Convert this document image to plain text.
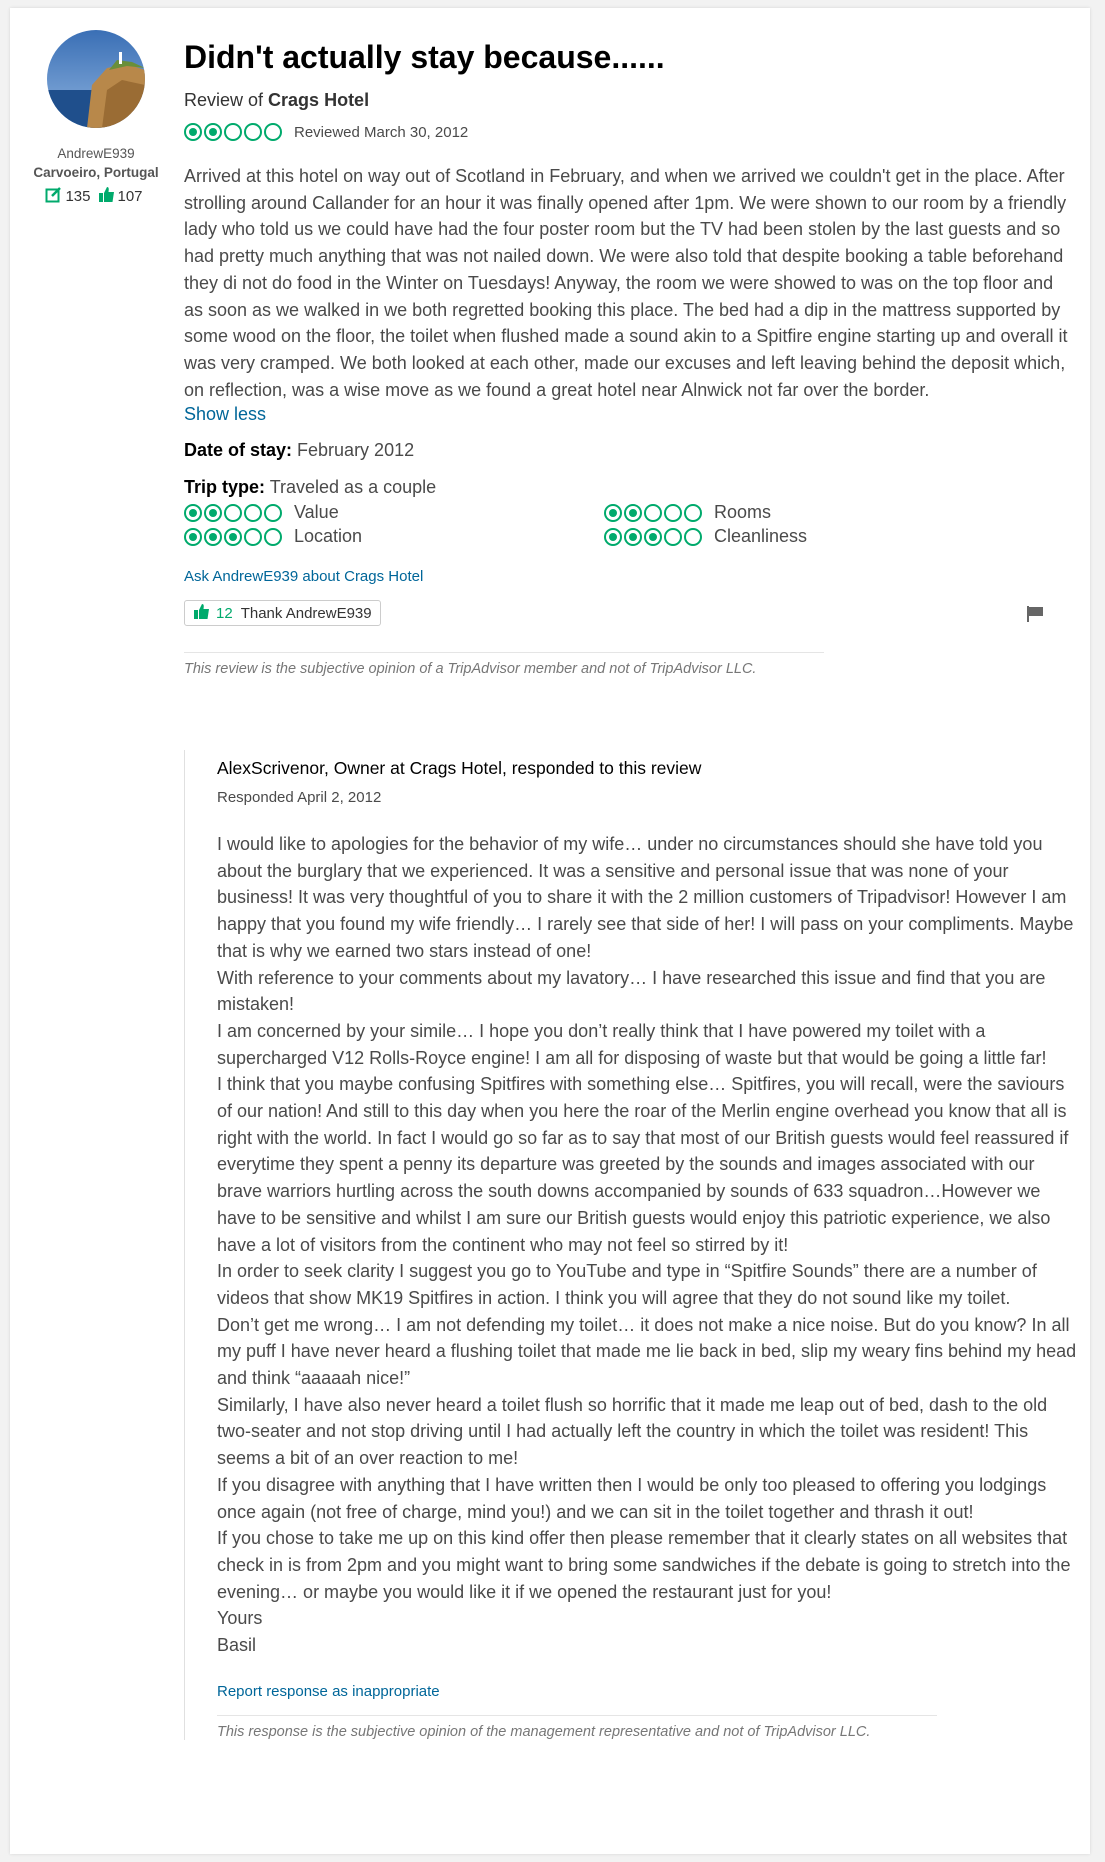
AndrewE939
Carvoeiro, Portugal
135 107
Didn't actually stay because......
Review of Crags Hotel
Reviewed March 30, 2012
Arrived at this hotel on way out of Scotland in February, and when we arrived we couldn't get in the place. After strolling around Callander for an hour it was finally opened after 1pm. We were shown to our room by a friendly lady who told us we could have had the four poster room but the TV had been stolen by the last guests and so had pretty much anything that was not nailed down. We were also told that despite booking a table beforehand they di not do food in the Winter on Tuesdays! Anyway, the room we were showed to was on the top floor and as soon as we walked in we both regretted booking this place. The bed had a dip in the mattress supported by some wood on the floor, the toilet when flushed made a sound akin to a Spitfire engine starting up and overall it was very cramped. We both looked at each other, made our excuses and left leaving behind the deposit which, on reflection, was a wise move as we found a great hotel near Alnwick not far over the border.
Show less
Date of stay: February 2012
Trip type: Traveled as a couple
Value	Rooms
Location	Cleanliness
Ask AndrewE939 about Crags Hotel
12 Thank AndrewE939
This review is the subjective opinion of a TripAdvisor member and not of TripAdvisor LLC.
AlexScrivenor, Owner at Crags Hotel, responded to this review
Responded April 2, 2012

I would like to apologies for the behavior of my wife… under no circumstances should she have told you about the burglary that we experienced. It was a sensitive and personal issue that was none of your business! It was very thoughtful of you to share it with the 2 million customers of Tripadvisor! However I am happy that you found my wife friendly… I rarely see that side of her! I will pass on your compliments. Maybe that is why we earned two stars instead of one!

With reference to your comments about my lavatory… I have researched this issue and find that you are mistaken!

I am concerned by your simile… I hope you don’t really think that I have powered my toilet with a supercharged V12 Rolls-Royce engine! I am all for disposing of waste but that would be going a little far!

I think that you maybe confusing Spitfires with something else… Spitfires, you will recall, were the saviours of our nation! And still to this day when you here the roar of the Merlin engine overhead you know that all is right with the world. In fact I would go so far as to say that most of our British guests would feel reassured if everytime they spent a penny its departure was greeted by the sounds and images associated with our brave warriors hurtling across the south downs accompanied by sounds of 633 squadron…However we have to be sensitive and whilst I am sure our British guests would enjoy this patriotic experience, we also have a lot of visitors from the continent who may not feel so stirred by it!

In order to seek clarity I suggest you go to YouTube and type in “Spitfire Sounds” there are a number of videos that show MK19 Spitfires in action. I think you will agree that they do not sound like my toilet.

Don’t get me wrong… I am not defending my toilet… it does not make a nice noise. But do you know? In all my puff I have never heard a flushing toilet that made me lie back in bed, slip my weary fins behind my head and think “aaaaah nice!”

Similarly, I have also never heard a toilet flush so horrific that it made me leap out of bed, dash to the old two-seater and not stop driving until I had actually left the country in which the toilet was resident! This seems a bit of an over reaction to me!

If you disagree with anything that I have written then I would be only too pleased to offering you lodgings once again (not free of charge, mind you!) and we can sit in the toilet together and thrash it out!

If you chose to take me up on this kind offer then please remember that it clearly states on all websites that check in is from 2pm and you might want to bring some sandwiches if the debate is going to stretch into the evening… or maybe you would like it if we opened the restaurant just for you!

Yours

Basil

Report response as inappropriate
This response is the subjective opinion of the management representative and not of TripAdvisor LLC.
